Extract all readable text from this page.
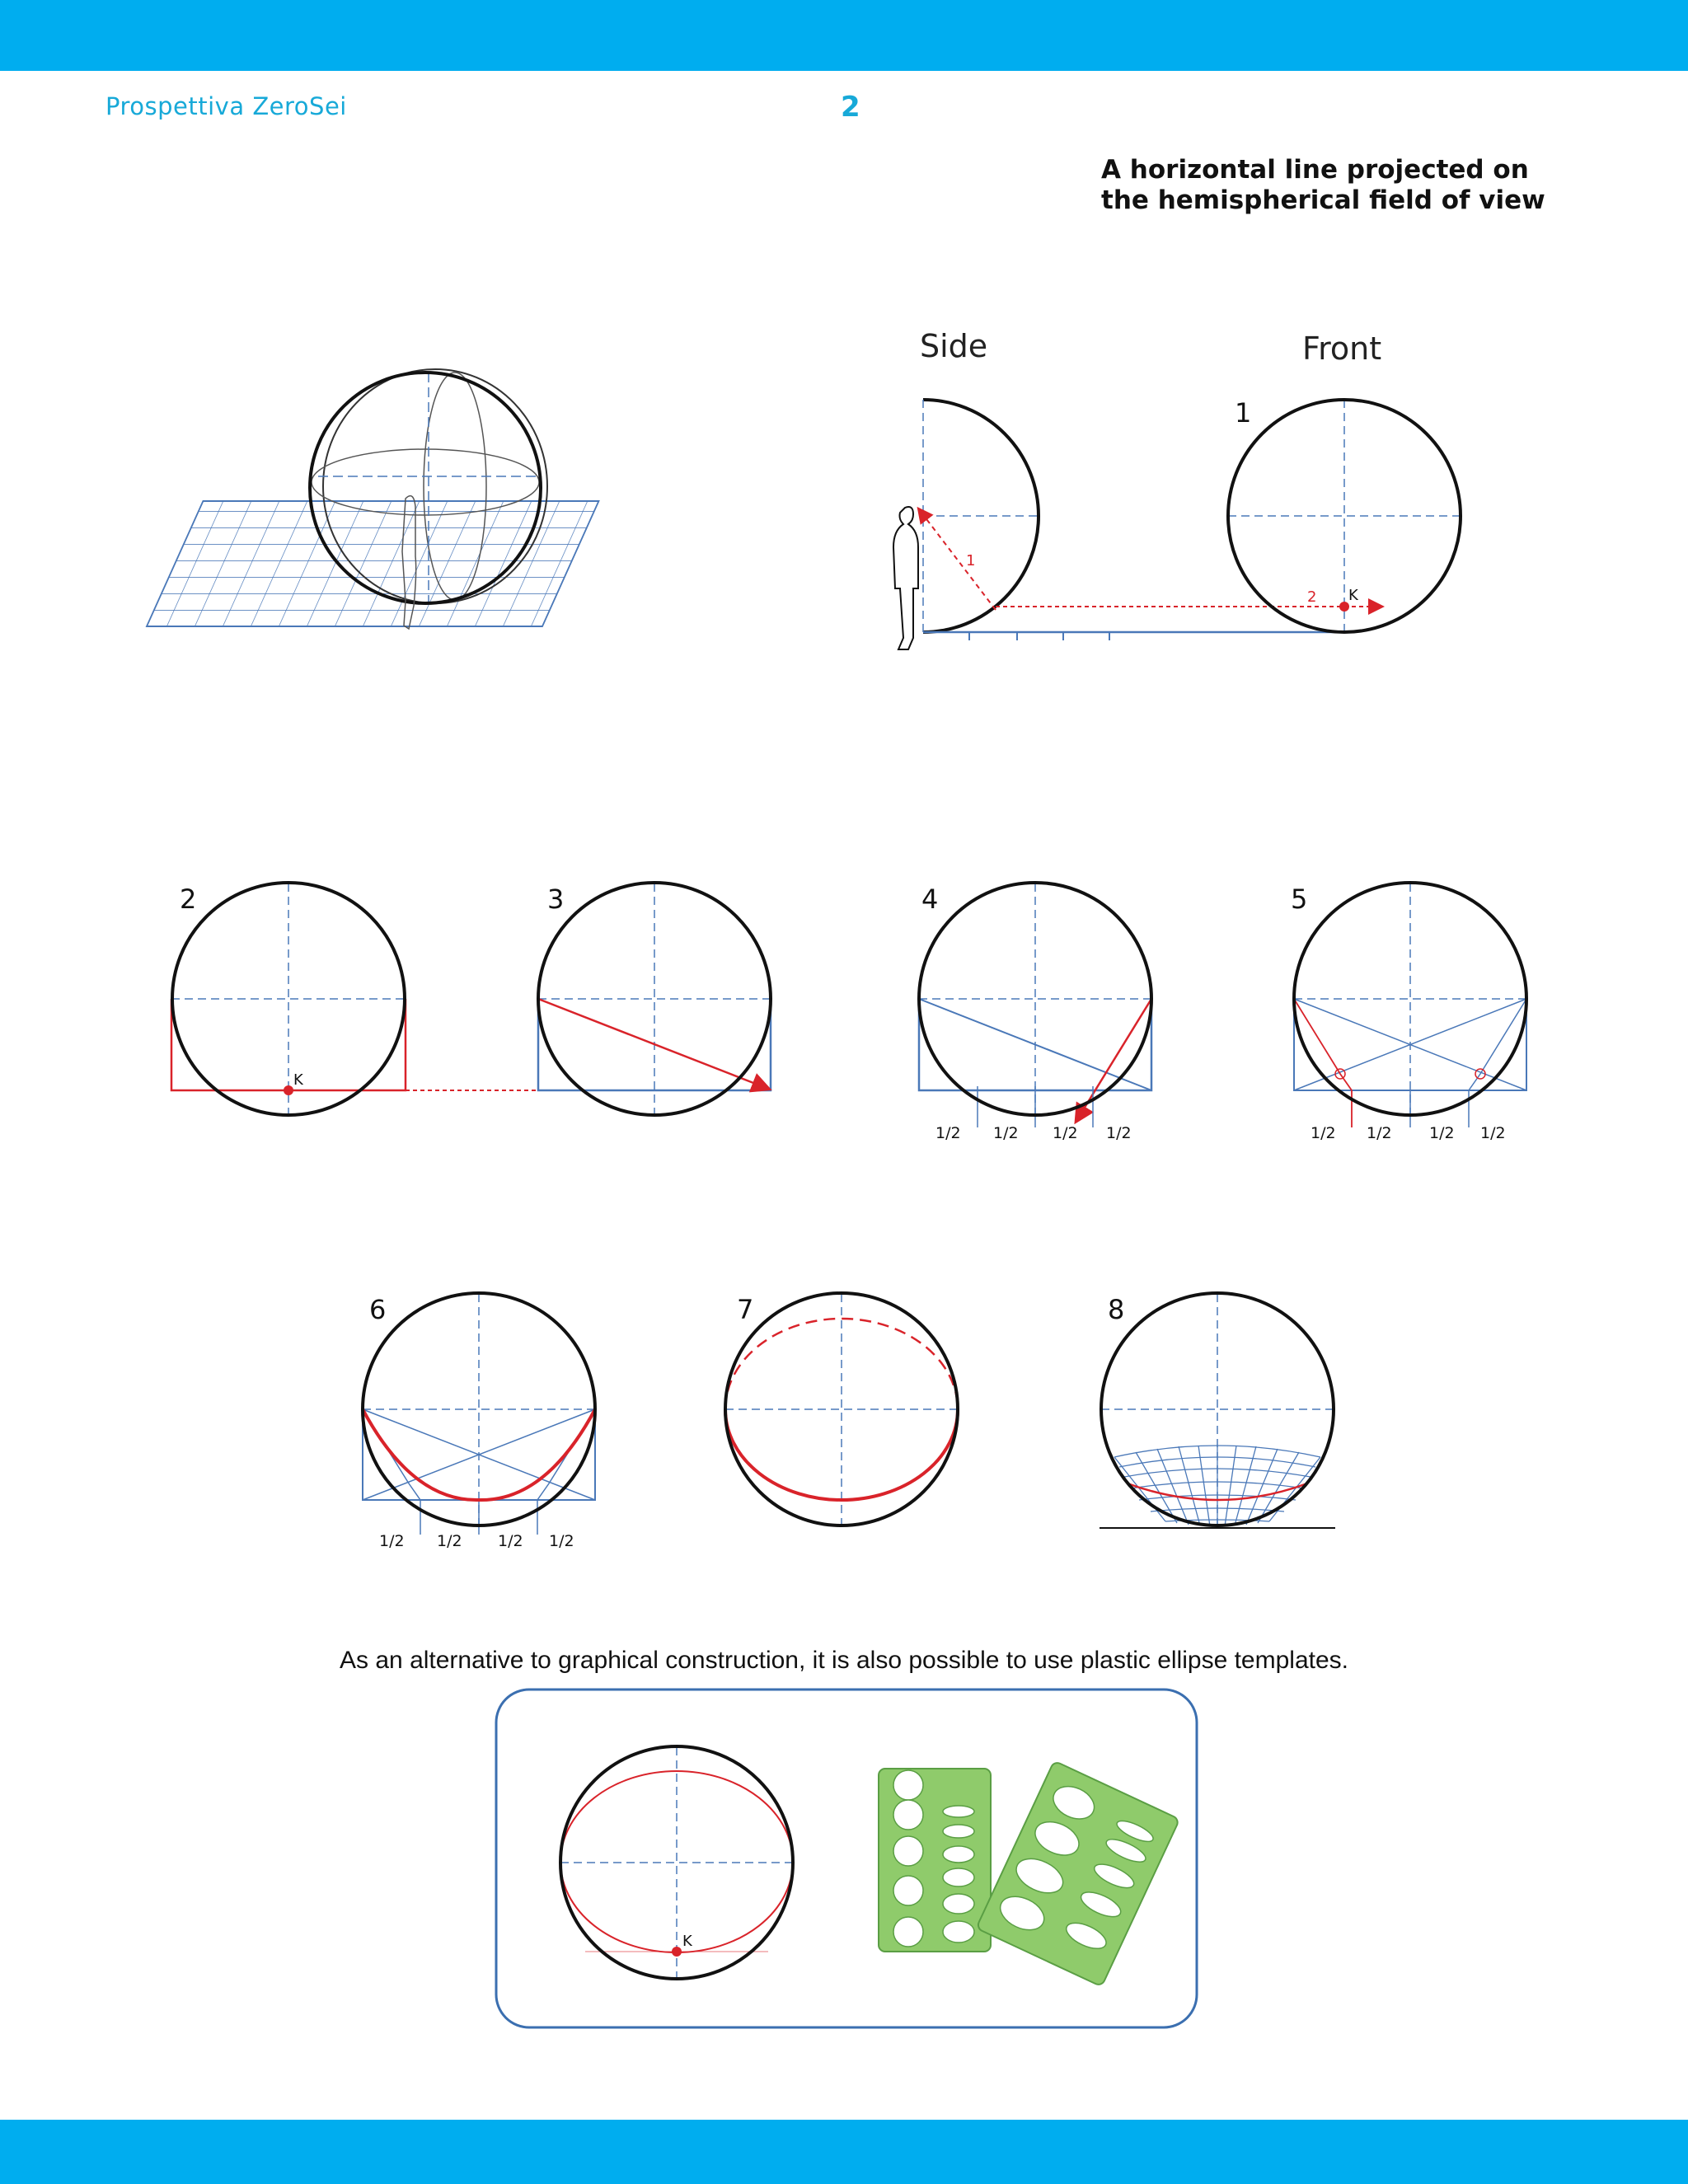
Prospettiva ZeroSei	2
A horizontal line projected on
the hemispherical field of view
Side
1
Front
1
K
2
2
K
3	4
1/2 1/2 1/2 1/2
5
1/2 1/2 1/2 1/2
6
1/2 1/2 1/2 1/2
7	8
K
As an alternative to graphical construction, it is also possible to use plastic ellipse templates.
